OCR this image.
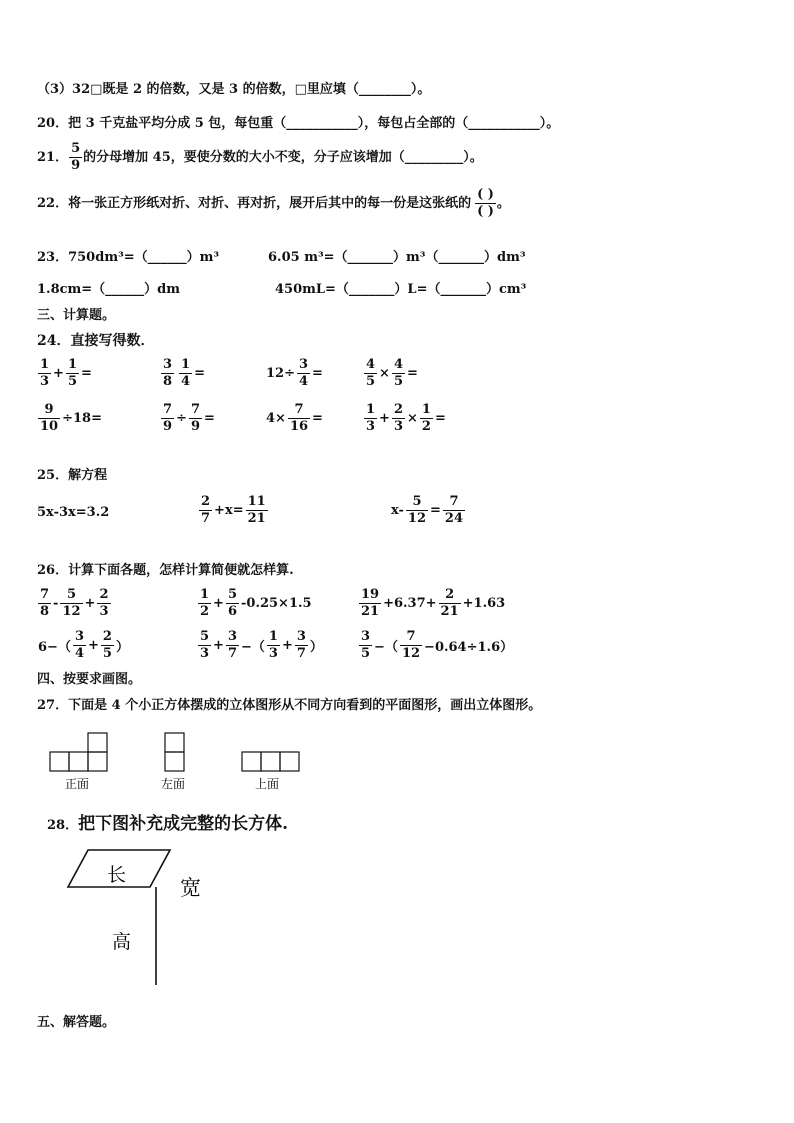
（3）32□既是 2 的倍数，又是 3 的倍数，□里应填（________）。
20．把 3 千克盐平均分成 5 包，每包重（___________），每包占全部的（___________）。
21． $\frac{5}{9}$ 的分母增加 45，要使分数的大小不变，分子应该增加（_________）。
22．将一张正方形纸对折、对折、再对折，展开后其中的每一份是这张纸的 $\frac{( )}{( )}$ 。
23．750dm³=（______）m³	6.05 m³=（_______）m³（_______）dm³
1.8cm=（______）dm	450mL=（_______）L=（_______）cm³
三、计算题。
24．直接写得数．
$\frac{1}{3} + \frac{1}{5}$ =	$\frac{3}{8} \frac{1}{4}$ =	$12\div \frac{3}{4}$ =	$\frac{4}{5} \times \frac{4}{5}$ =
$\frac{9}{10} \div 18=$	$\frac{7}{9} \div \frac{7}{9}$ =	$4\times \frac{7}{16}$ =	$\frac{1}{3} + \frac{2}{3} \times \frac{1}{2}$ =
25．解方程
5x-3x=3.2	$\frac{2}{7} +x= \frac{11}{21}$	$x- \frac{5}{12} = \frac{7}{24}$
26．计算下面各题，怎样计算简便就怎样算.
$\frac{7}{8} - \frac{5}{12} + \frac{2}{3}$	$\frac{1}{2} + \frac{5}{6} -0.25\times 1.5$	$\frac{19}{21} +6.37+ \frac{2}{21} +1.63$
$6-( \frac{3}{4} + \frac{2}{5}$ ）	$\frac{5}{3} + \frac{3}{7}$ −（ $\frac{1}{3} + \frac{3}{7}$ ）	$\frac{3}{5}$ −（ $\frac{7}{12} -0.64\div 1.6$）
四、按要求画图。
27．下面是 4 个小正方体摆成的立体图形从不同方向看到的平面图形，画出立体图形。
正面	左面	上面
28． 把下图补充成完整的长方体.
长
宽
高
五、解答题。
